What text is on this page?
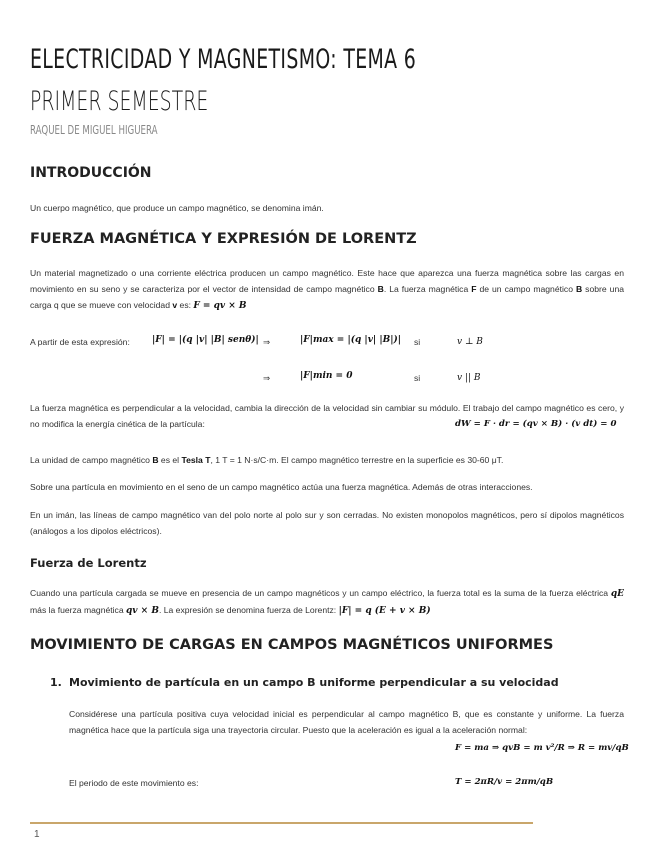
ELECTRICIDAD Y MAGNETISMO: TEMA 6
PRIMER SEMESTRE
RAQUEL DE MIGUEL HIGUERA
INTRODUCCIÓN
Un cuerpo magnético, que produce un campo magnético, se denomina imán.
FUERZA MAGNÉTICA Y EXPRESIÓN DE LORENTZ
Un material magnetizado o una corriente eléctrica producen un campo magnético. Este hace que aparezca una fuerza magnética sobre las cargas en movimiento en su seno y se caracteriza por el vector de intensidad de campo magnético B. La fuerza magnética F de un campo magnético B sobre una carga q que se mueve con velocidad v es: F = qv × B
A partir de esta expresión: |F| = |(q |v| |B| senθ)| ⇒	|F|max = |(q |v| |B|)| si	v ⊥ B
⇒	|F|min = 0	si	v || B
La fuerza magnética es perpendicular a la velocidad, cambia la dirección de la velocidad sin cambiar su módulo. El trabajo del campo magnético es cero, y no modifica la energía cinética de la partícula:	dW = F · dr = (qv × B) · (v dt) = 0
La unidad de campo magnético B es el Tesla T, 1 T = 1 N·s/C·m. El campo magnético terrestre en la superficie es 30-60 μT.
Sobre una partícula en movimiento en el seno de un campo magnético actúa una fuerza magnética. Además de otras interacciones.
En un imán, las líneas de campo magnético van del polo norte al polo sur y son cerradas. No existen monopolos magnéticos, pero sí dipolos magnéticos (análogos a los dipolos eléctricos).
Fuerza de Lorentz
Cuando una partícula cargada se mueve en presencia de un campo magnéticos y un campo eléctrico, la fuerza total es la suma de la fuerza eléctrica qE más la fuerza magnética qv × B. La expresión se denomina fuerza de Lorentz: |F| = q (E + v × B)
MOVIMIENTO DE CARGAS EN CAMPOS MAGNÉTICOS UNIFORMES
1. Movimiento de partícula en un campo B uniforme perpendicular a su velocidad
Considérese una partícula positiva cuya velocidad inicial es perpendicular al campo magnético B, que es constante y uniforme. La fuerza magnética hace que la partícula siga una trayectoria circular. Puesto que la aceleración es igual a la aceleración normal:
F = ma ⇒ qvB = m v²/R ⇒ R = mv/qB
El periodo de este movimiento es:	T = 2πR/v = 2πm/qB
1
